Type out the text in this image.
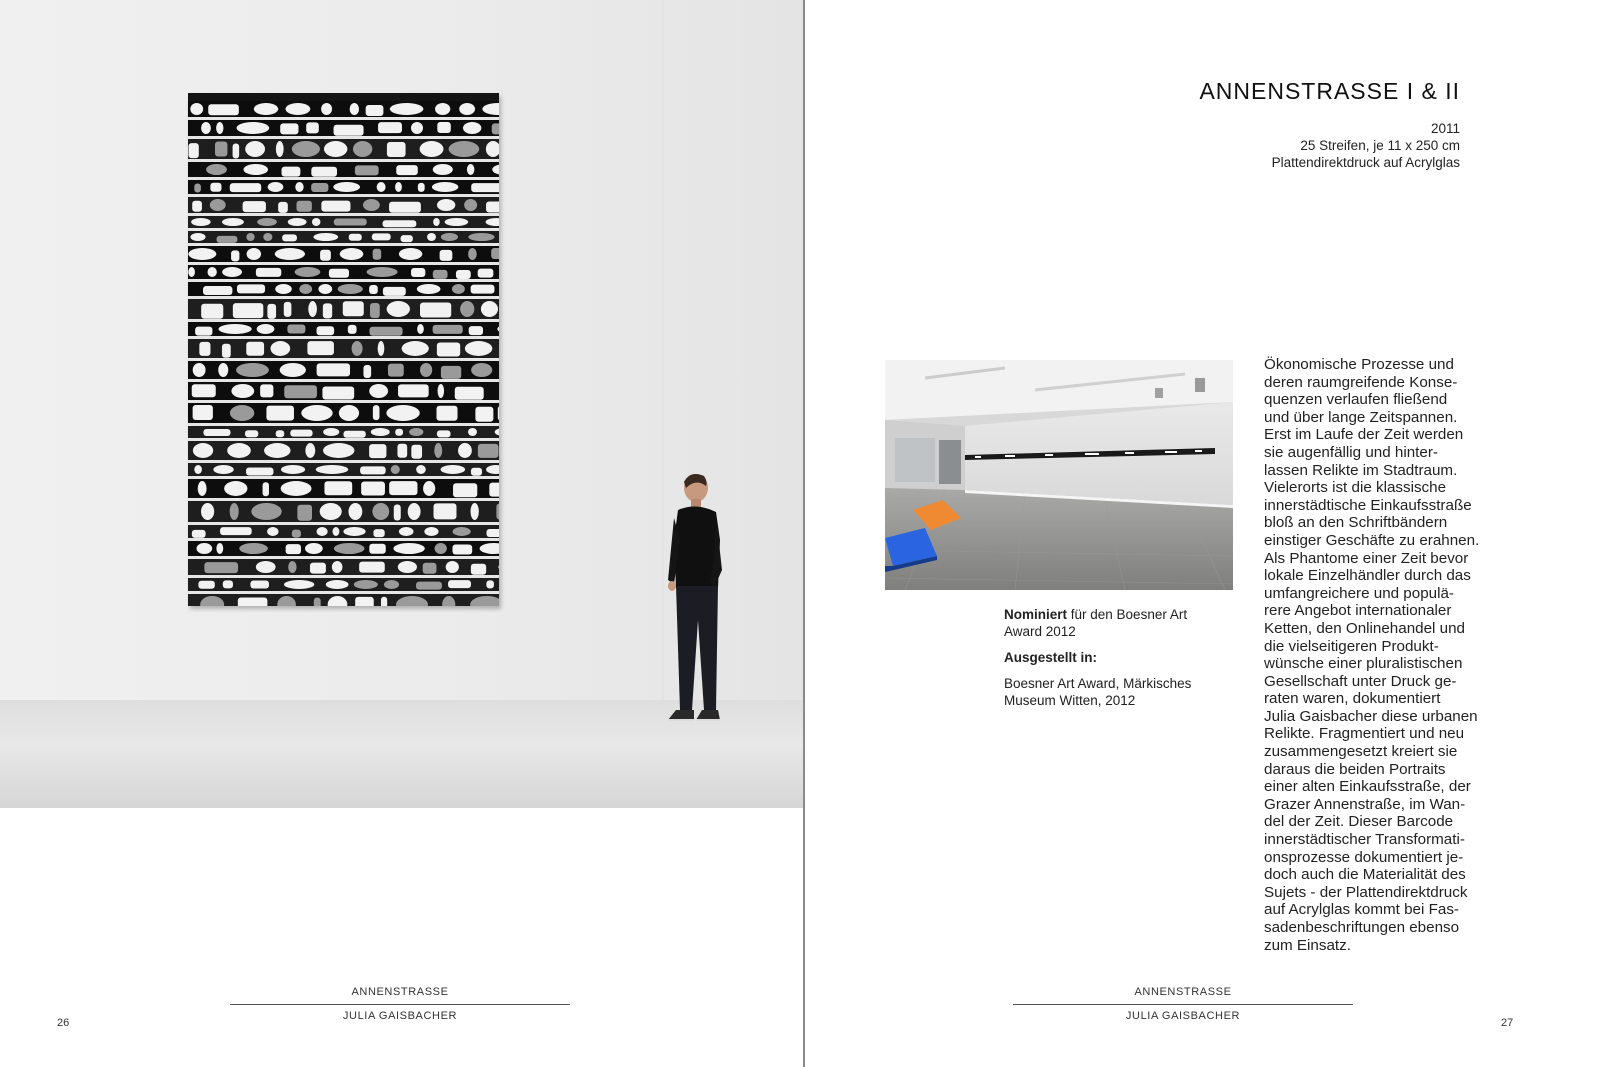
ANNENSTRASSE
JULIA GAISBACHER
26
ANNENSTRASSE I & II
2011
25 Streifen, je 11 x 250 cm
Plattendirektdruck auf Acrylglas

Nominiert für den Boesner Art Award 2012

Ausgestellt in:

Boesner Art Award, Märkisches Museum Witten, 2012

Ökonomische Prozesse und
deren raumgreifende Konse-
quenzen verlaufen fließend
und über lange Zeitspannen.
Erst im Laufe der Zeit werden
sie augenfällig und hinter-
lassen Relikte im Stadtraum.
Vielerorts ist die klassische
innerstädtische Einkaufsstraße
bloß an den Schriftbändern
einstiger Geschäfte zu erahnen.
Als Phantome einer Zeit bevor
lokale Einzelhändler durch das
umfangreichere und populä-
rere Angebot internationaler
Ketten, den Onlinehandel und
die vielseitigeren Produkt-
wünsche einer pluralistischen
Gesellschaft unter Druck ge-
raten waren, dokumentiert
Julia Gaisbacher diese urbanen
Relikte. Fragmentiert und neu
zusammengesetzt kreiert sie
daraus die beiden Portraits
einer alten Einkaufsstraße, der
Grazer Annenstraße, im Wan-
del der Zeit. Dieser Barcode
innerstädtischer Transformati-
onsprozesse dokumentiert je-
doch auch die Materialität des
Sujets - der Plattendirektdruck
auf Acrylglas kommt bei Fas-
sadenbeschriftungen ebenso
zum Einsatz.
ANNENSTRASSE
JULIA GAISBACHER
27
